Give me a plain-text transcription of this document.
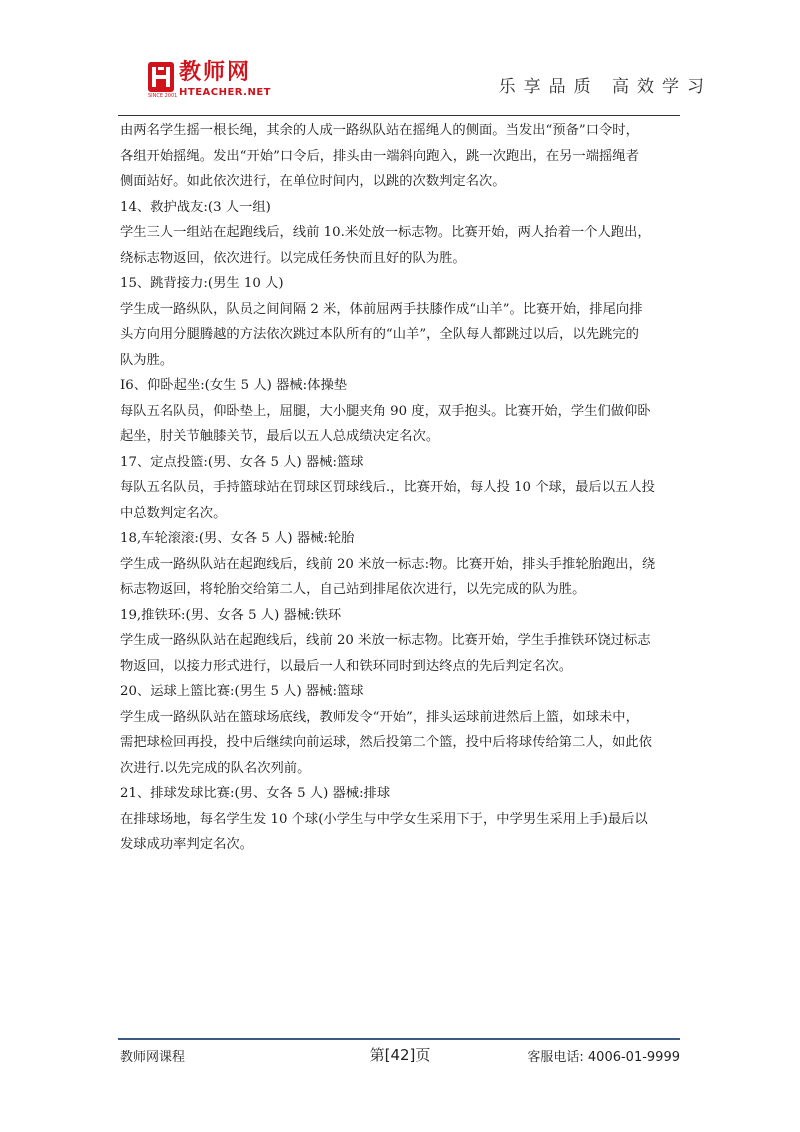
SINCE 2001
教师网
HTEACHER.NET	乐享品质 高效学习

由两名学生摇一根长绳，其余的人成一路纵队站在摇绳人的侧面。当发出“预备”口令时，

各组开始摇绳。发出“开始”口令后，排头由一端斜向跑入，跳一次跑出，在另一端摇绳者

侧面站好。如此依次进行，在单位时间内，以跳的次数判定名次。

14、救护战友:(3 人一组)

学生三人一组站在起跑线后，线前 10.米处放一标志物。比赛开始，两人抬着一个人跑出，

绕标志物返回，依次进行。以完成任务快而且好的队为胜。

15、跳背接力:(男生 10 人)

学生成一路纵队，队员之间间隔 2 米，体前屈两手扶膝作成“山羊”。比赛开始，排尾向排

头方向用分腿腾越的方法依次跳过本队所有的“山羊”，全队每人都跳过以后，以先跳完的

队为胜。

I6、仰卧起坐:(女生 5 人) 器械:体操垫

每队五名队员，仰卧垫上，屈腿，大小腿夹角 90 度，双手抱头。比赛开始，学生们做仰卧

起坐，肘关节触膝关节，最后以五人总成绩决定名次。

17、定点投篮:(男、女各 5 人) 器械:篮球

每队五名队员，手持篮球站在罚球区罚球线后.，比赛开始，每人投 10 个球，最后以五人投

中总数判定名次。

18,车轮滚滚:(男、女各 5 人) 器械:轮胎

学生成一路纵队站在起跑线后，线前 20 米放一标志:物。比赛开始，排头手推轮胎跑出，绕

标志物返回，将轮胎交给第二人，自己站到排尾依次进行，以先完成的队为胜。

19,推铁环:(男、女各 5 人) 器械:铁环

学生成一路纵队站在起跑线后，线前 20 米放一标志物。比赛开始，学生手推铁环饶过标志

物返回，以接力形式进行，以最后一人和铁环同时到达终点的先后判定名次。

20、运球上篮比赛:(男生 5 人) 器械:篮球

学生成一路纵队站在篮球场底线，教师发令“开始”，排头运球前进然后上篮，如球未中，

需把球检回再投，投中后继续向前运球，然后投第二个篮，投中后将球传给第二人，如此依

次进行.以先完成的队名次列前。

21、排球发球比赛:(男、女各 5 人) 器械:排球

在排球场地，每名学生发 10 个球(小学生与中学女生采用下于，中学男生采用上手)最后以

发球成功率判定名次。

教师网课程	第[42]页	客服电话: 4006-01-9999
